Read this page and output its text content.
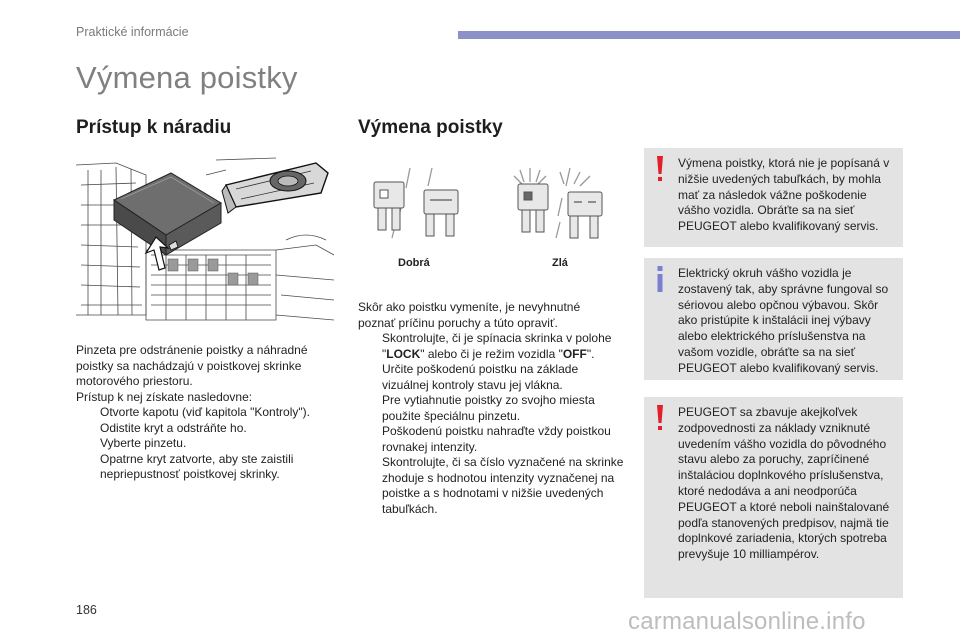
Praktické informácie
Výmena poistky
Prístup k náradiu

Pinzeta pre odstránenie poistky a náhradné poistky sa nachádzajú v poistkovej skrinke motorového priestoru.

Prístup k nej získate nasledovne:

Otvorte kapotu (viď kapitola "Kontroly").
Odistite kryt a odstráňte ho.
Vyberte pinzetu.
Opatrne kryt zatvorte, aby ste zaistili nepriepustnosť poistkovej skrinky.
Výmena poistky
Dobrá	Zlá

Skôr ako poistku vymeníte, je nevyhnutné

poznať príčinu poruchy a túto opraviť.

Skontrolujte, či je spínacia skrinka v polohe
"LOCK" alebo či je režim vozidla "OFF".
Určite poškodenú poistku na základe vizuálnej kontroly stavu jej vlákna.
Pre vytiahnutie poistky zo svojho miesta použite špeciálnu pinzetu.
Poškodenú poistku nahraďte vždy poistkou rovnakej intenzity.
Skontrolujte, či sa číslo vyznačené na skrinke zhoduje s hodnotou intenzity vyznačenej na poistke a s hodnotami v nižšie uvedených tabuľkách.
Výmena poistky, ktorá nie je popísaná v nižšie uvedených tabuľkách, by mohla mať za následok vážne poškodenie vášho vozidla. Obráťte sa na sieť PEUGEOT alebo kvalifikovaný servis.
Elektrický okruh vášho vozidla je zostavený tak, aby správne fungoval so sériovou alebo opčnou výbavou. Skôr ako pristúpite k inštalácii inej výbavy alebo elektrického príslušenstva na vašom vozidle, obráťte sa na sieť PEUGEOT alebo kvalifikovaný servis.
PEUGEOT sa zbavuje akejkoľvek zodpovednosti za náklady vzniknuté uvedením vášho vozidla do pôvodného stavu alebo za poruchy, zapríčinené inštaláciou doplnkového príslušenstva, ktoré nedodáva a ani neodporúča PEUGEOT a ktoré neboli nainštalované podľa stanovených predpisov, najmä tie doplnkové zariadenia, ktorých spotreba prevyšuje 10 milliampérov.
186	carmanualsonline.info
